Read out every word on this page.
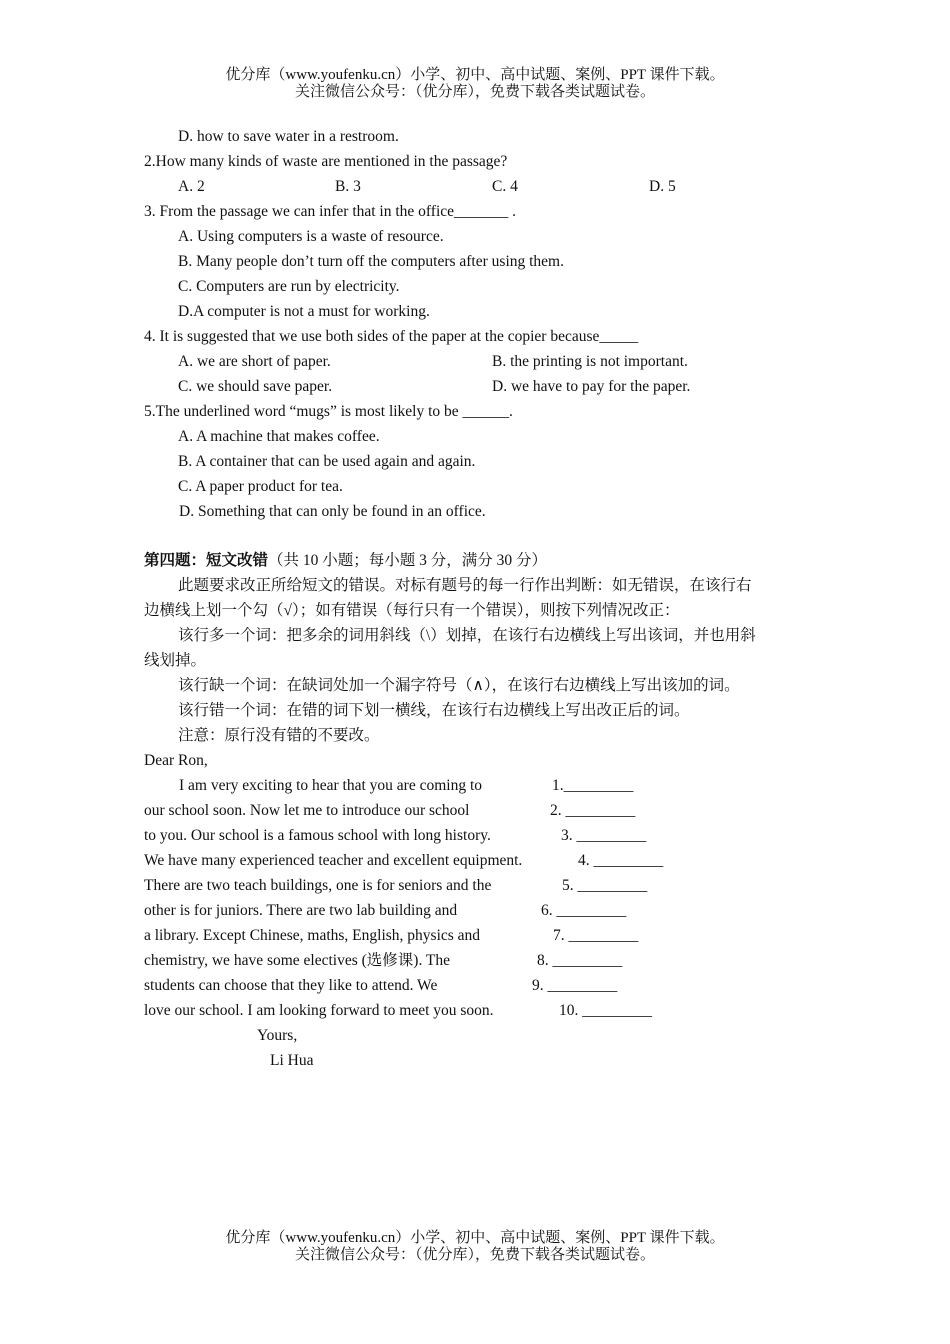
优分库（www.youfenku.cn）小学、初中、高中试题、案例、PPT 课件下载。
关注微信公众号：（优分库），免费下载各类试题试卷。
D. how to save water in a restroom.
2.How many kinds of waste are mentioned in the passage?
A. 2	B. 3	C. 4	D. 5
3. From the passage we can infer that in the office_______ .
A. Using computers is a waste of resource.
B. Many people don’t turn off the computers after using them.
C. Computers are run by electricity.
D.A computer is not a must for working.
4. It is suggested that we use both sides of the paper at the copier because_____
A. we are short of paper.	B. the printing is not important.
C. we should save paper.	D. we have to pay for the paper.
5.The underlined word “mugs” is most likely to be ______.
A. A machine that makes coffee.
B. A container that can be used again and again.
C. A paper product for tea.
D. Something that can only be found in an office.
第四题：短文改错（共 10 小题；每小题 3 分，满分 30 分）
此题要求改正所给短文的错误。对标有题号的每一行作出判断：如无错误，在该行右
边横线上划一个勾（√）；如有错误（每行只有一个错误），则按下列情况改正：
该行多一个词：把多余的词用斜线（\）划掉，在该行右边横线上写出该词，并也用斜
线划掉。
该行缺一个词：在缺词处加一个漏字符号（∧），在该行右边横线上写出该加的词。
该行错一个词：在错的词下划一横线，在该行右边横线上写出改正后的词。
注意：原行没有错的不要改。
Dear Ron,
I am very exciting to hear that you are coming to	1._________
our school soon. Now let me to introduce our school	2. _________
to you. Our school is a famous school with long history.	3. _________
We have many experienced teacher and excellent equipment.	4. _________
There are two teach buildings, one is for seniors and the	5. _________
other is for juniors. There are two lab building and	6. _________
a library. Except Chinese, maths, English, physics and	7. _________
chemistry, we have some electives (选修课). The	8. _________
students can choose that they like to attend. We	9. _________
love our school. I am looking forward to meet you soon.	10. _________
Yours,
Li Hua
优分库（www.youfenku.cn）小学、初中、高中试题、案例、PPT 课件下载。
关注微信公众号：（优分库），免费下载各类试题试卷。
